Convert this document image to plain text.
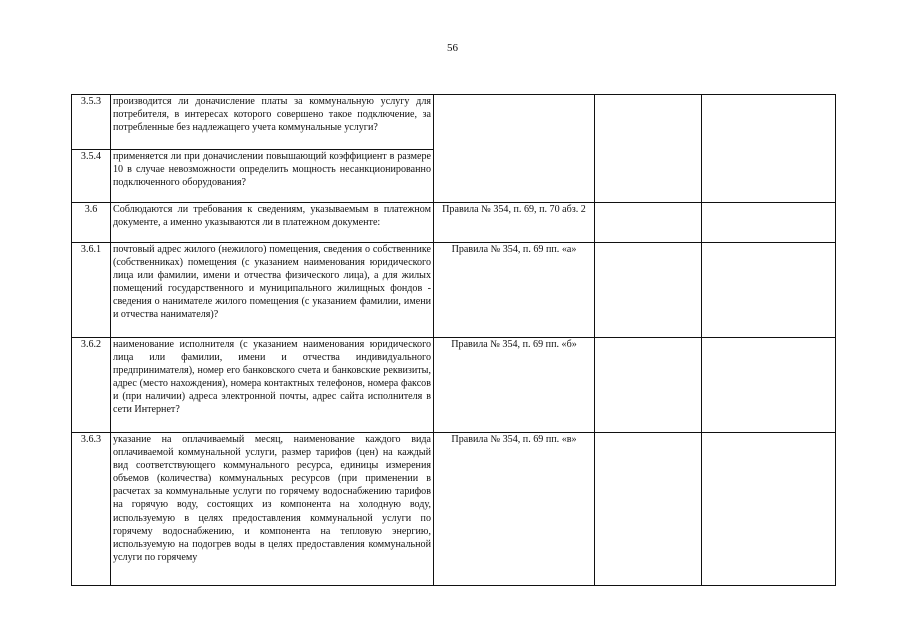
56
3.5.3	производится ли доначисление платы за коммунальную услугу для потребителя, в интересах которого совершено такое подключение, за потребленные без надлежащего учета коммунальные услуги?			
3.5.4	применяется ли при доначислении повышающий коэффициент в размере 10 в случае невозможности определить мощность несанкционированно подключенного оборудования?			
3.6	Соблюдаются ли требования к сведениям, указываемым в платежном документе, а именно указываются ли в платежном документе:	Правила № 354, п. 69, п. 70 абз. 2		
3.6.1	почтовый адрес жилого (нежилого) помещения, сведения о собственнике (собственниках) помещения (с указанием наименования юридического лица или фамилии, имени и отчества физического лица), а для жилых помещений государственного и муниципального жилищных фондов - сведения о нанимателе жилого помещения (с указанием фамилии, имени и отчества нанимателя)?	Правила № 354, п. 69 пп. «а»		
3.6.2	наименование исполнителя (с указанием наименования юридического лица или фамилии, имени и отчества индивидуального предпринимателя), номер его банковского счета и банковские реквизиты, адрес (место нахождения), номера контактных телефонов, номера факсов и (при наличии) адреса электронной почты, адрес сайта исполнителя в сети Интернет?	Правила № 354, п. 69 пп. «б»		
3.6.3	указание на оплачиваемый месяц, наименование каждого вида оплачиваемой коммунальной услуги, размер тарифов (цен) на каждый вид соответствующего коммунального ресурса, единицы измерения объемов (количества) коммунальных ресурсов (при применении в расчетах за коммунальные услуги по горячему водоснабжению тарифов на горячую воду, состоящих из компонента на холодную воду, используемую в целях предоставления коммунальной услуги по горячему водоснабжению, и компонента на тепловую энергию, используемую на подогрев воды в целях предоставления коммунальной услуги по горячему	Правила № 354, п. 69 пп. «в»		
